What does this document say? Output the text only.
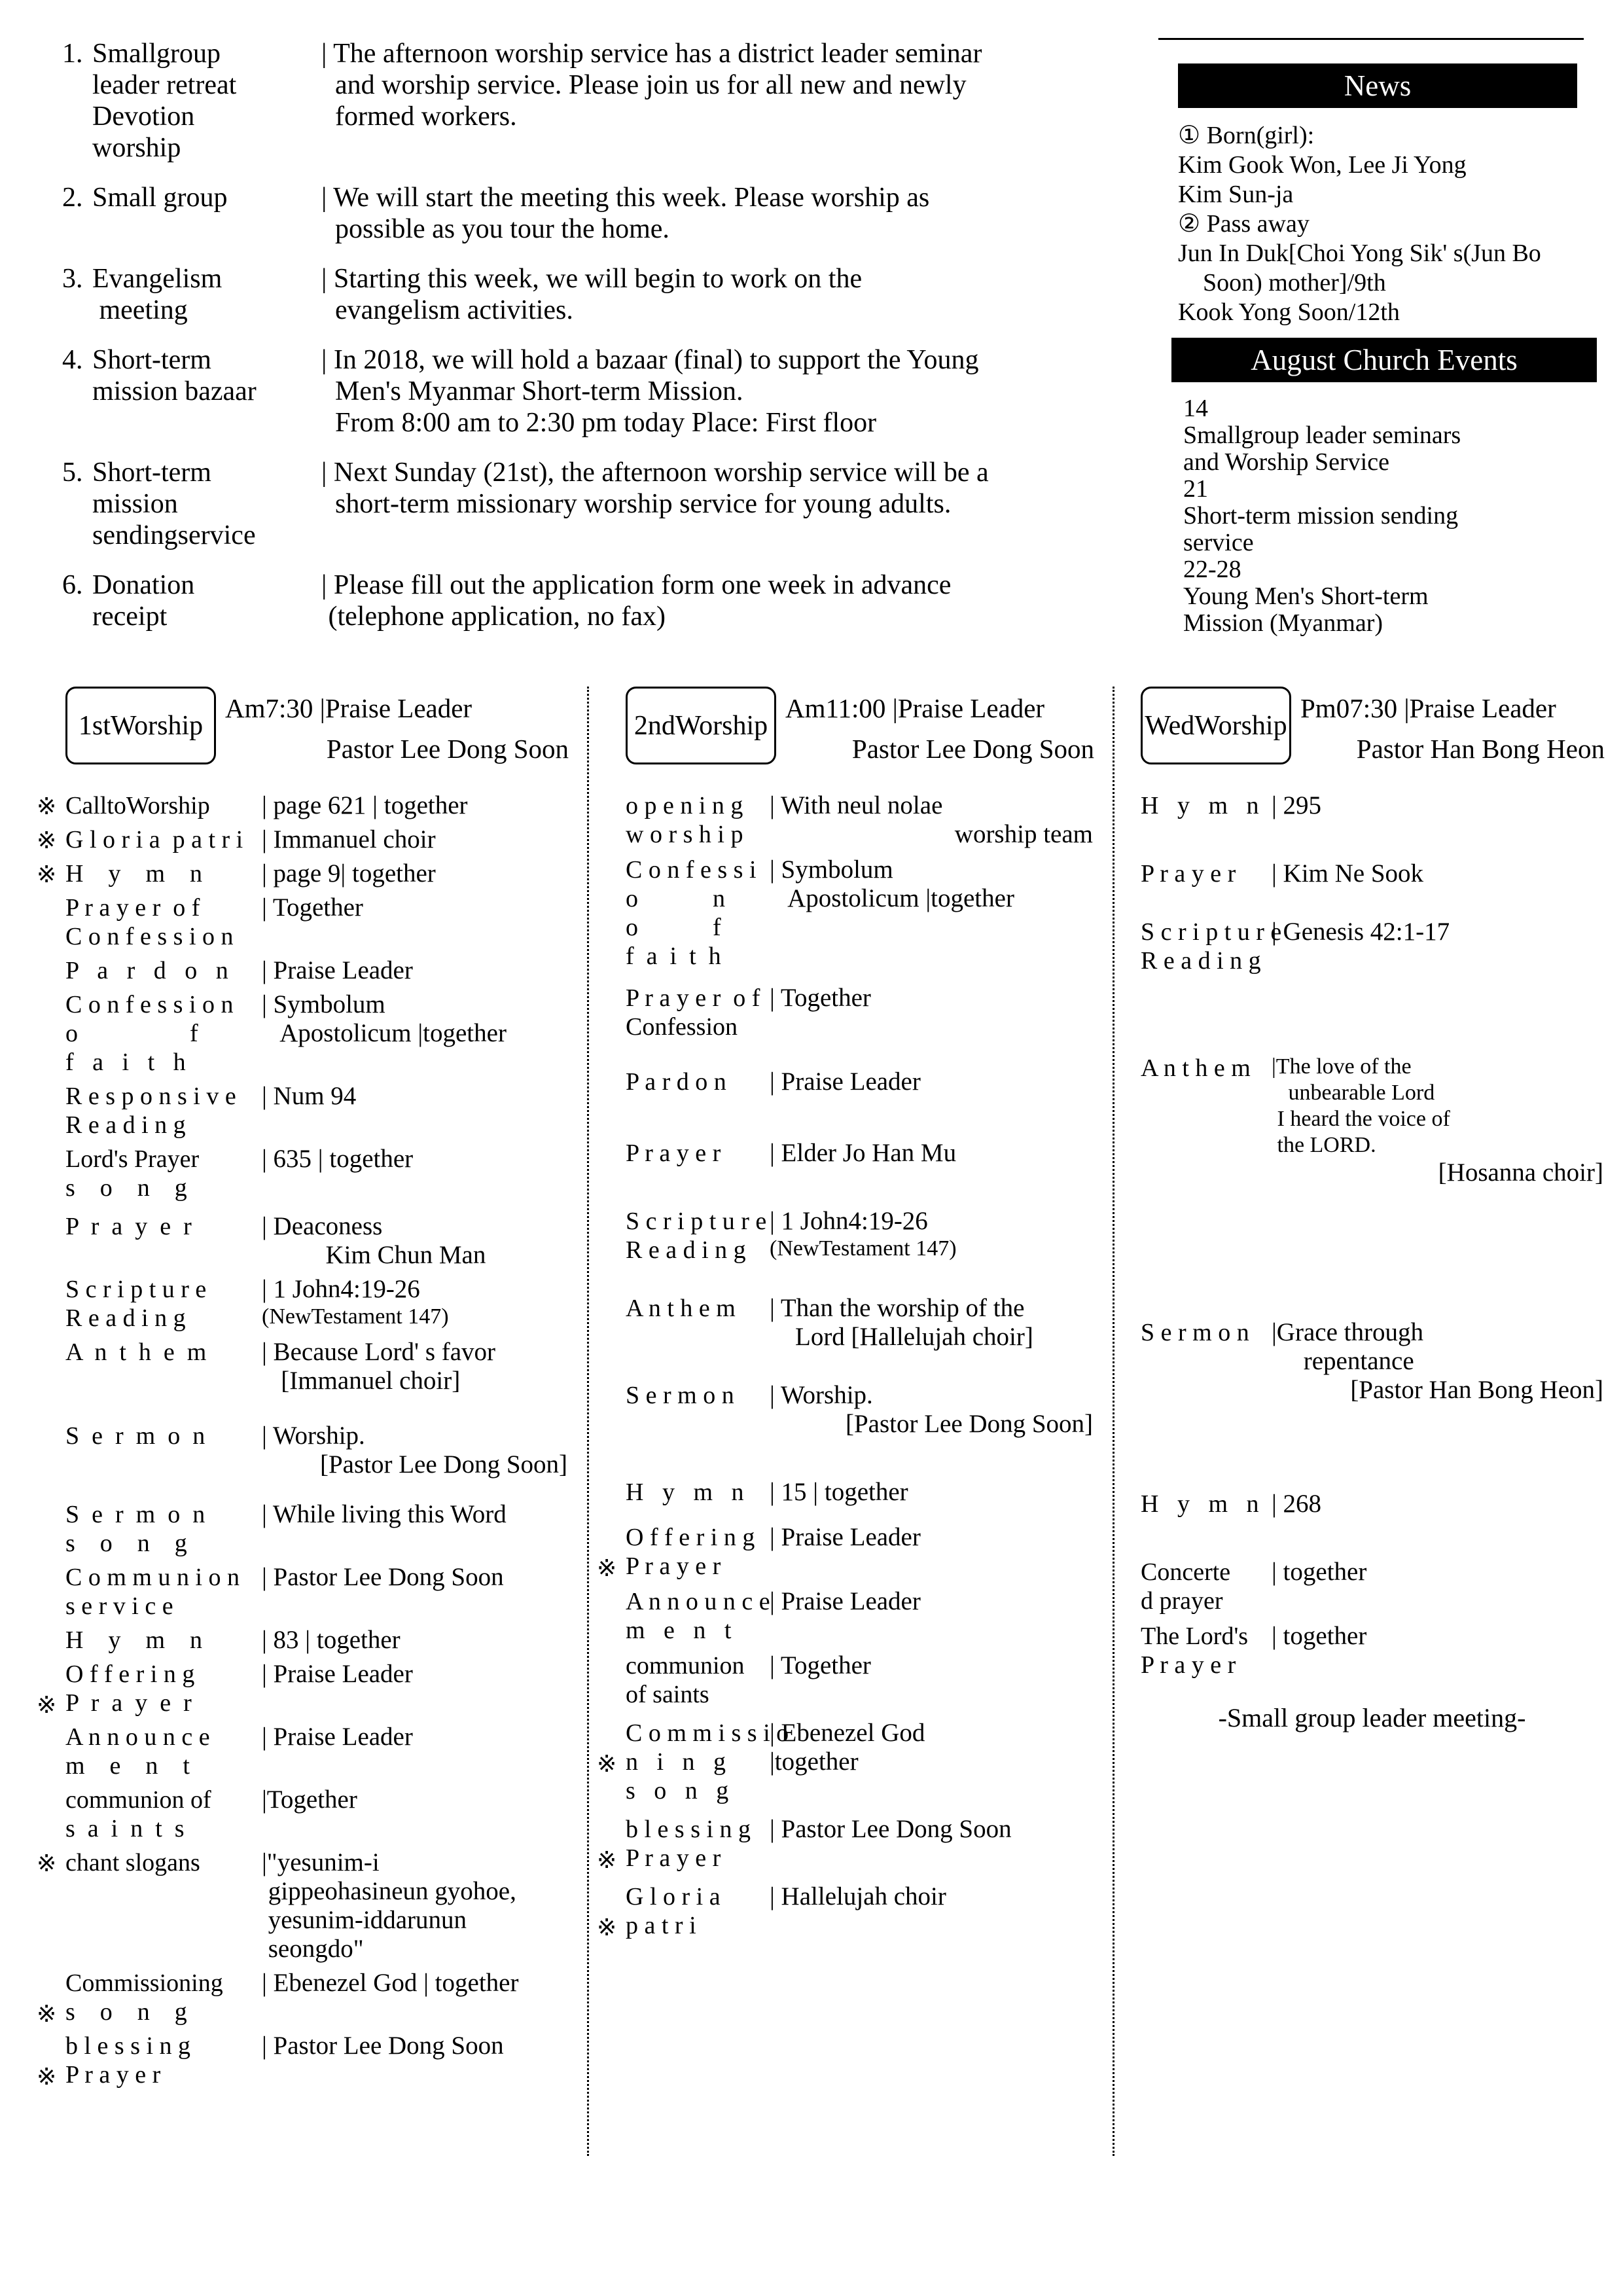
1. Smallgroup
leader retreat
Devotion
worship
| The afternoon worship service has a district leader seminar
and worship service. Please join us for all new and newly
formed workers.
2. Small group	| We will start the meeting this week. Please worship as
possible as you tour the home.
3. Evangelism
meeting
| Starting this week, we will begin to work on the
evangelism activities.
4. Short-term
mission bazaar
| In 2018, we will hold a bazaar (final) to support the Young
Men's Myanmar Short-term Mission.
From 8:00 am to 2:30 pm today Place: First floor
5. Short-term
mission
sendingservice
| Next Sunday (21st), the afternoon worship service will be a
short-term missionary worship service for young adults.
6. Donation
receipt
| Please fill out the application form one week in advance
(telephone application, no fax)
News
① Born(girl):
Kim Gook Won, Lee Ji Yong
Kim Sun-ja
② Pass away
Jun In Duk[Choi Yong Sik' s(Jun Bo
Soon) mother]/9th
Kook Yong Soon/12th
August Church Events
14
Smallgroup leader seminars
and Worship Service
21
Short-term mission sending
service
22-28
Young Men's Short-term
Mission (Myanmar)
1stWorship
Am7:30 |Praise Leader
Pastor Lee Dong Soon
※ CalltoWorship	| page 621 | together
※ G l o r i a  p a t r i | Immanuel choir
※ H    y    m    n	| page 9| together
P r a y e r  o f
C o n f e s s i o n
| Together
P   a   r   d   o   n	| Praise Leader
C o n f e s s i o n
o                  f
f   a   i   t   h
| Symbolum
Apostolicum |together
R e s p o n s i v e
R e a d i n g
| Num 94
Lord's Prayer
s    o    n    g
| 635 | together
P  r  a  y  e  r	| Deaconess
Kim Chun Man
S c r i p t u r e
R e a d i n g
| 1 John4:19-26
(NewTestament 147)
A  n  t  h  e  m	| Because Lord' s favor
[Immanuel choir]
S  e  r  m  o  n	| Worship.
[Pastor Lee Dong Soon]
S  e  r  m  o  n
s    o    n    g
| While living this Word
C o m m u n i o n
s e r v i c e
| Pastor Lee Dong Soon
H    y    m    n	| 83 | together
※
O f f e r i n g
P  r  a  y  e  r
| Praise Leader
A n n o u n c e
m    e    n    t
| Praise Leader
communion of
s  a  i  n  t  s
|Together
※ chant slogans	|"yesunim-i
gippeohasineun gyohoe,
yesunim-iddarunun
seongdo"
※
Commissioning
s    o    n    g
| Ebenezel God | together
※
b l e s s i n g
P r a y e r
| Pastor Lee Dong Soon
2ndWorship
Am11:00 |Praise Leader
Pastor Lee Dong Soon
o p e n i n g
w o r s h i p
| With neul nolae
worship team
C o n f e s s i
o            n
o            f
f  a  i  t  h
| Symbolum
Apostolicum |together
P r a y e r  o f
Confession
| Together
P a r d o n	| Praise Leader
P r a y e r	| Elder Jo Han Mu
S c r i p t u r e
R e a d i n g
| 1 John4:19-26
(NewTestament 147)
A n t h e m	| Than the worship of the
Lord [Hallelujah choir]
S e r m o n	| Worship.
[Pastor Lee Dong Soon]
H   y   m   n	| 15 | together
※
O f f e r i n g
P r a y e r
| Praise Leader
A n n o u n c e
m   e   n   t
| Praise Leader
communion
of saints
| Together
※
C o m m i s s i o
n   i   n   g
s   o   n   g
| Ebenezel God
|together
※
b l e s s i n g
P r a y e r
| Pastor Lee Dong Soon
※
G l o r i a
p a t r i
| Hallelujah choir
WedWorship
Pm07:30 |Praise Leader
Pastor Han Bong Heon
H   y   m   n | 295
P r a y e r	| Kim Ne Sook
S c r i p t u r e
R e a d i n g
| Genesis 42:1-17
A n t h e m |The love of the
unbearable Lord
I heard the voice of
the LORD.
[Hosanna choir]
S e r m o n |Grace through
repentance
[Pastor Han Bong Heon]
H   y   m   n | 268
Concerte
d prayer
| together
The Lord's
P r a y e r
| together
-Small group leader meeting-
